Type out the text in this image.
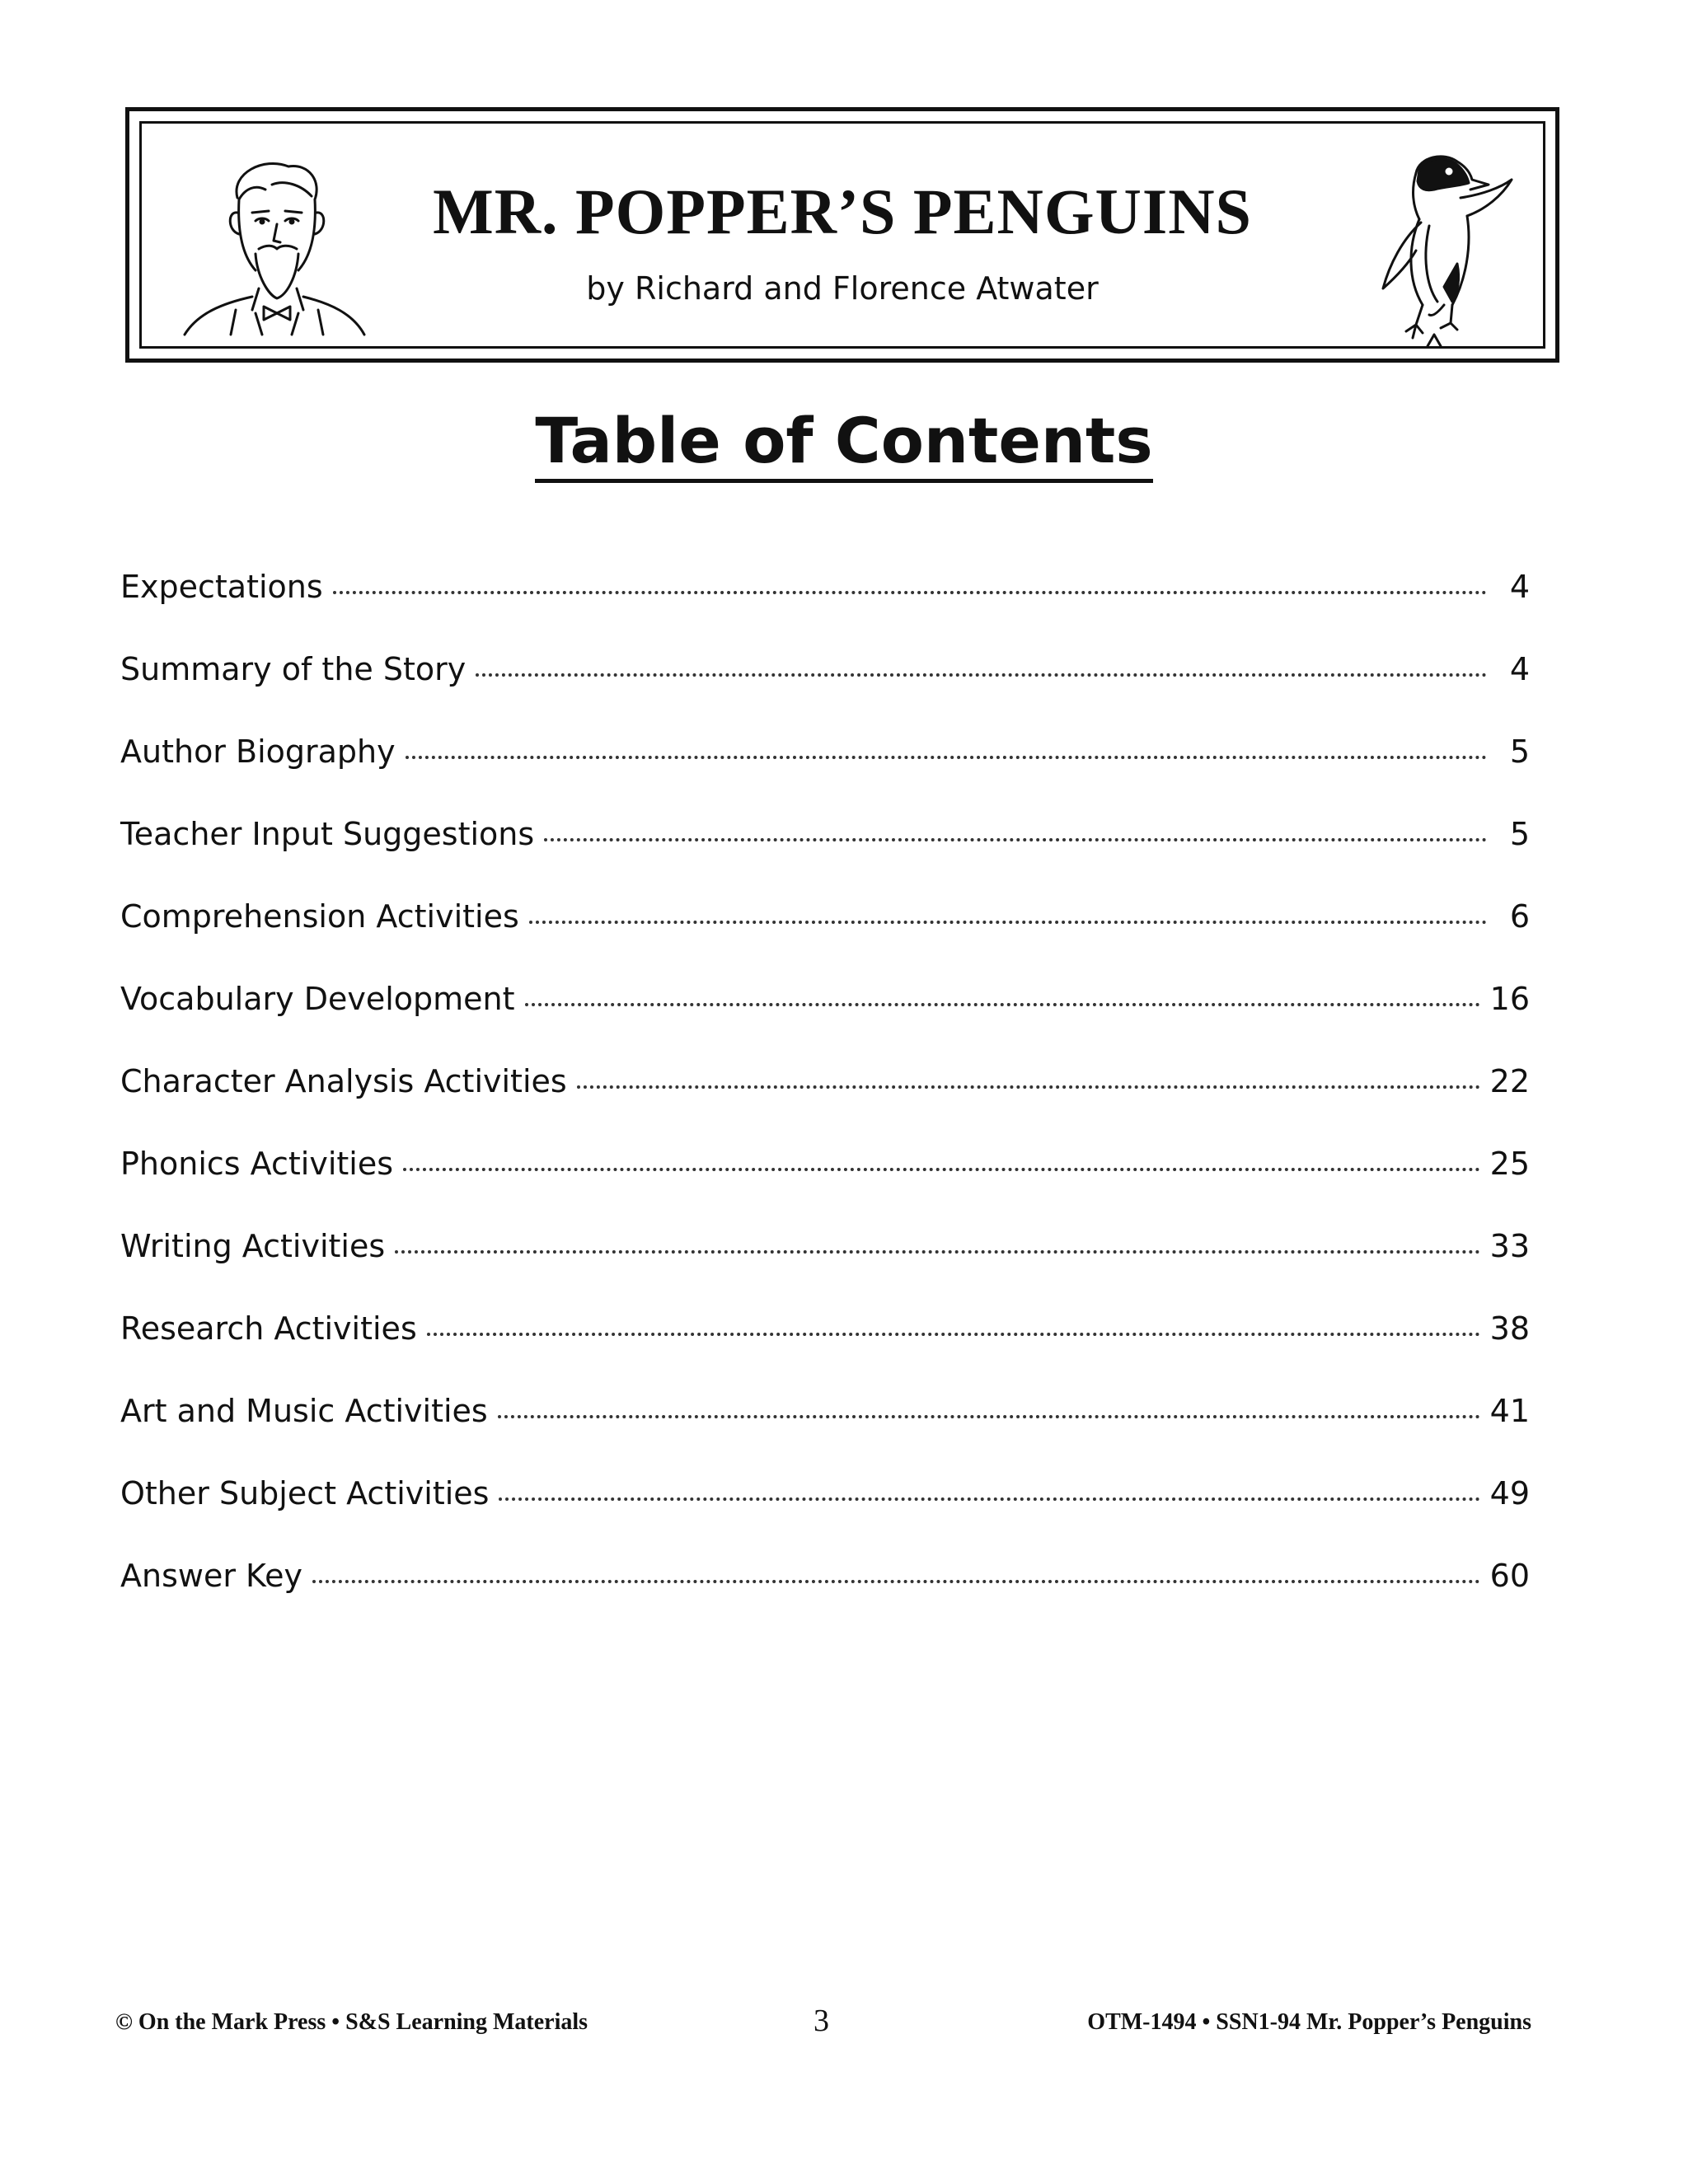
MR. POPPER’S PENGUINS
by Richard and Florence Atwater
Table of Contents
Expectations	4
Summary of the Story	4
Author Biography	5
Teacher Input Suggestions	5
Comprehension Activities	6
Vocabulary Development	16
Character Analysis Activities	22
Phonics Activities	25
Writing Activities	33
Research Activities	38
Art and Music Activities	41
Other Subject Activities	49
Answer Key	60
© On the Mark Press • S&S Learning Materials	3	OTM-1494 • SSN1-94 Mr. Popper’s Penguins
